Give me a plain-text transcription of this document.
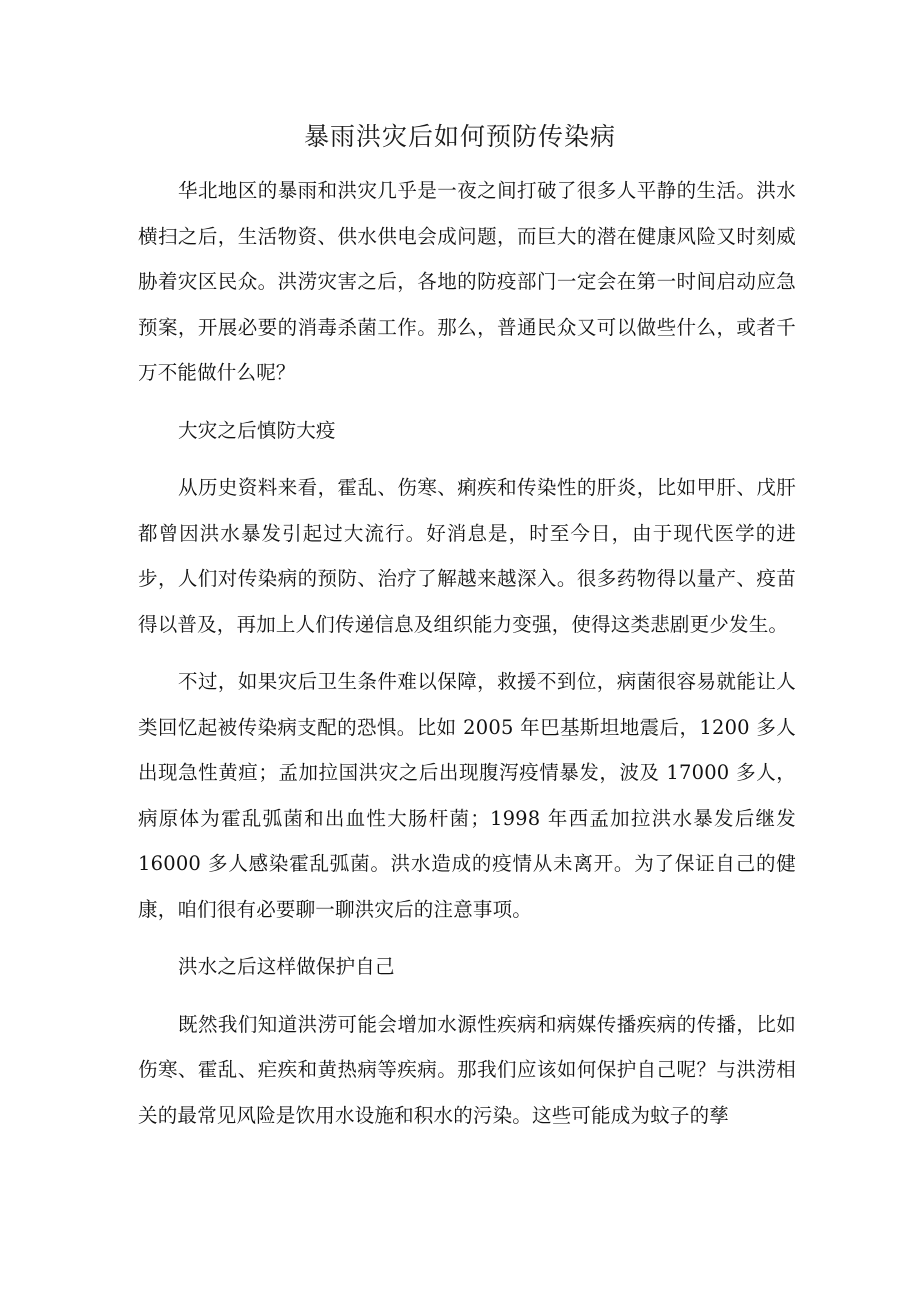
暴雨洪灾后如何预防传染病

华北地区的暴雨和洪灾几乎是一夜之间打破了很多人平静的生活。洪水横扫之后，生活物资、供水供电会成问题，而巨大的潜在健康风险又时刻威胁着灾区民众。洪涝灾害之后，各地的防疫部门一定会在第一时间启动应急预案，开展必要的消毒杀菌工作。那么，普通民众又可以做些什么，或者千万不能做什么呢？

大灾之后慎防大疫

从历史资料来看，霍乱、伤寒、痢疾和传染性的肝炎，比如甲肝、戊肝都曾因洪水暴发引起过大流行。好消息是，时至今日，由于现代医学的进步，人们对传染病的预防、治疗了解越来越深入。很多药物得以量产、疫苗得以普及，再加上人们传递信息及组织能力变强，使得这类悲剧更少发生。

不过，如果灾后卫生条件难以保障，救援不到位，病菌很容易就能让人类回忆起被传染病支配的恐惧。比如 2005 年巴基斯坦地震后，1200 多人出现急性黄疸；孟加拉国洪灾之后出现腹泻疫情暴发，波及 17000 多人，病原体为霍乱弧菌和出血性大肠杆菌；1998 年西孟加拉洪水暴发后继发16000 多人感染霍乱弧菌。洪水造成的疫情从未离开。为了保证自己的健康，咱们很有必要聊一聊洪灾后的注意事项。

洪水之后这样做保护自己

既然我们知道洪涝可能会增加水源性疾病和病媒传播疾病的传播，比如伤寒、霍乱、疟疾和黄热病等疾病。那我们应该如何保护自己呢？与洪涝相关的最常见风险是饮用水设施和积水的污染。这些可能成为蚊子的孳
